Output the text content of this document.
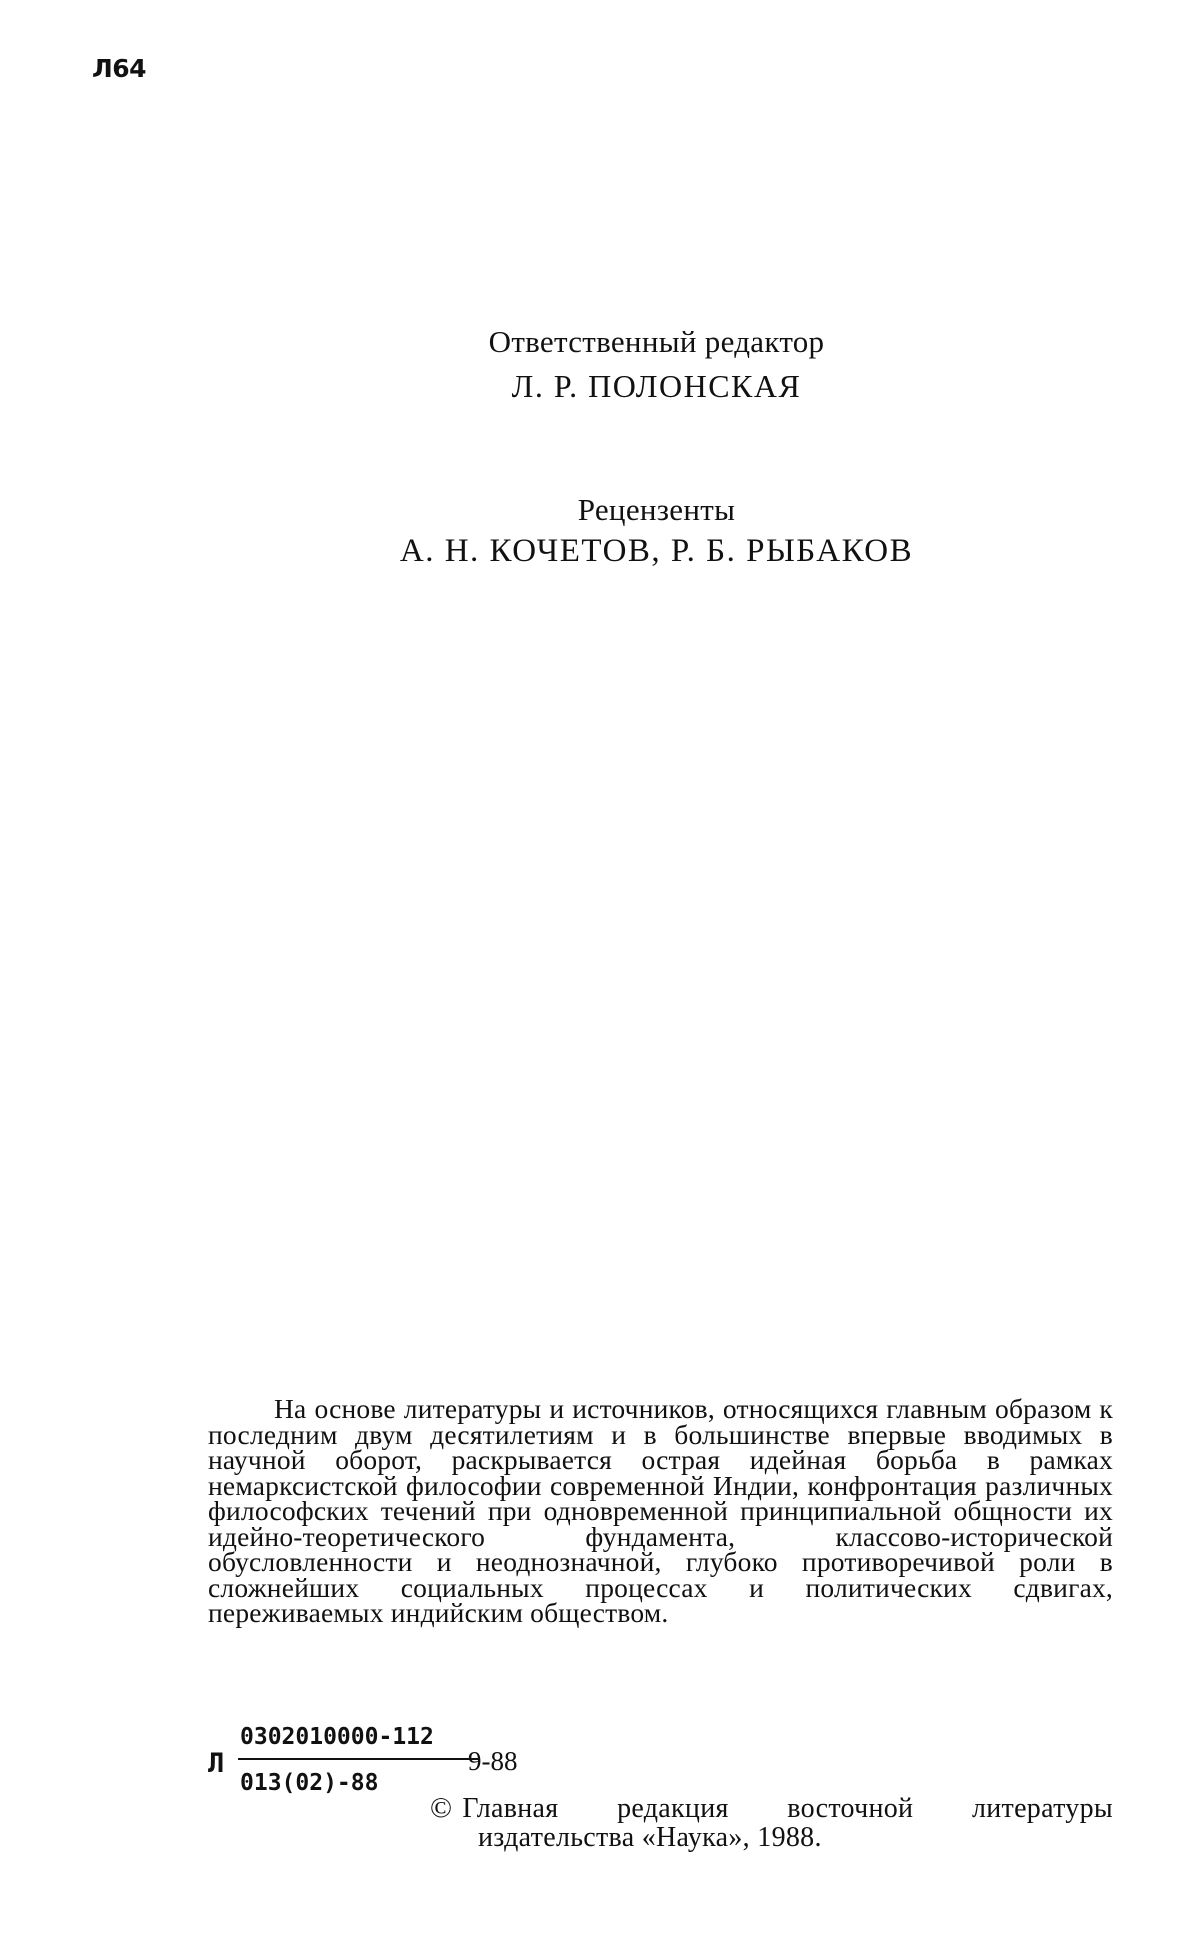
Л64
Ответственный редактор
Л. Р. ПОЛОНСКАЯ
Рецензенты
А. Н. КОЧЕТОВ, Р. Б. РЫБАКОВ
На основе литературы и источников, относящихся главным образом к последним двум десятилетиям и в большинстве впервые вводимых в научной оборот, раскрывается острая идейная борьба в рамках немарксистской философии современной Индии, конфронтация различных философских течений при одновременной принципиальной общности их идейно-теоретического фундамента, классово-исторической обусловленности и неоднозначной, глубоко противоречивой роли в сложнейших социальных процессах и политических сдвигах, переживаемых индийским обществом.
Л
0302010000-112
013(02)-88
9-88
© Главная редакция восточной литературы
издательства «Наука», 1988.
